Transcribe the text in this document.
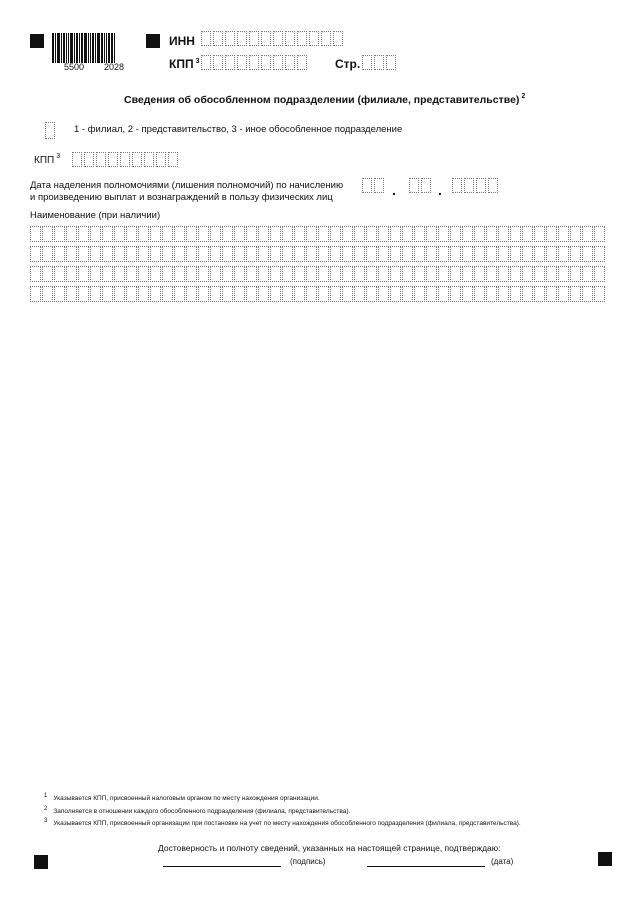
5500 2028
ИНН
КПП $^3$	Стр.
Сведения об обособленном подразделении (филиале, представительстве) $^2$
1 - филиал, 2 - представительство, 3 - иное обособленное подразделение
КПП $^3$
Дата наделения полномочиями (лишения полномочий) по начислению
и произведению выплат и вознаграждений в пользу физических лиц	.	.
Наименование (при наличии)
1 Указывается КПП, присвоенный налоговым органом по месту нахождения организации.
2 Заполняется в отношении каждого обособленного подразделения (филиала, представительства).
3 Указывается КПП, присвоенный организации при постановке на учет по месту нахождения обособленного подразделения (филиала, представительства).
Достоверность и полноту сведений, указанных на настоящей странице, подтверждаю:
(подпись)	(дата)
